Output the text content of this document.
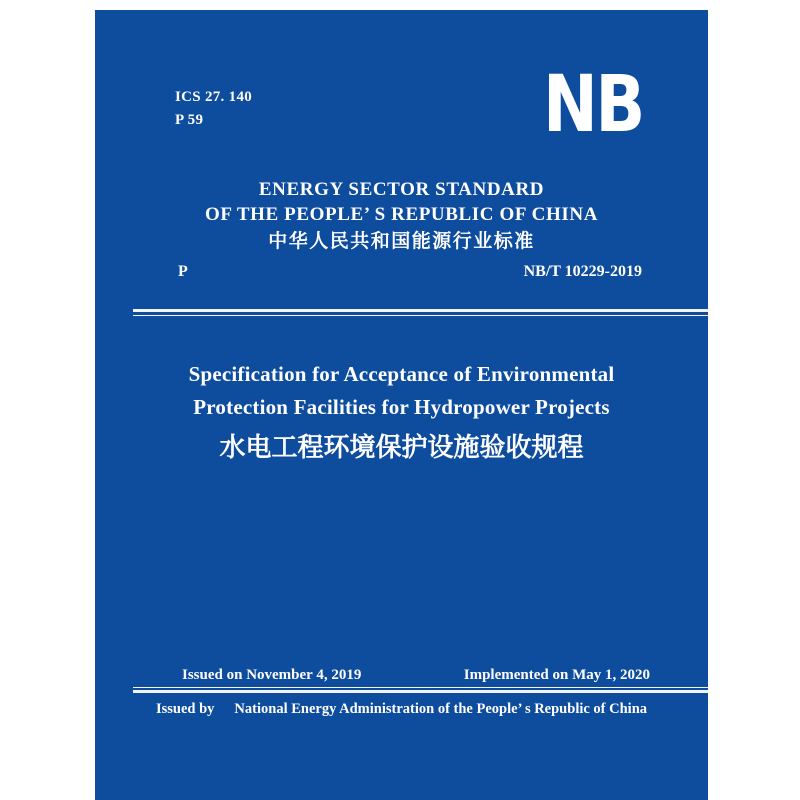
ICS 27. 140
P 59	NB
ENERGY SECTOR STANDARD
OF THE PEOPLE’ S REPUBLIC OF CHINA
中华人民共和国能源行业标准
P	NB/T 10229-2019
Specification for Acceptance of Environmental
Protection Facilities for Hydropower Projects
水电工程环境保护设施验收规程
Issued on November 4, 2019	Implemented on May 1, 2020
Issued by National Energy Administration of the People’ s Republic of China
